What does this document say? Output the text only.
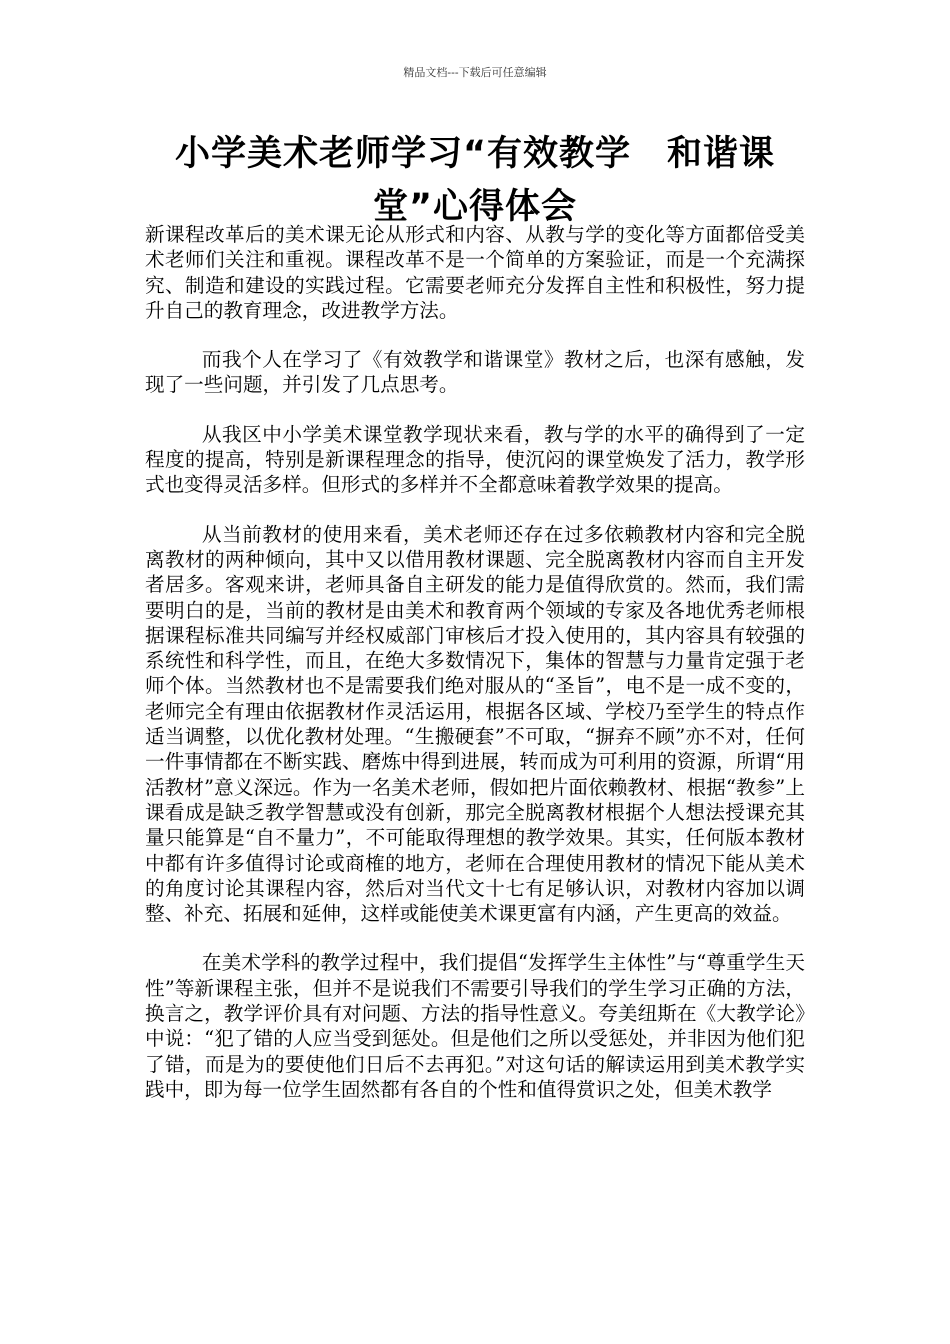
精品文档---下载后可任意编辑
小学美术老师学习“有效教学　和谐课堂”心得体会

新课程改革后的美术课无论从形式和内容、从教与学的变化等方面都倍受美术老师们关注和重视。课程改革不是一个简单的方案验证，而是一个充满探究、制造和建设的实践过程。它需要老师充分发挥自主性和积极性，努力提升自己的教育理念，改进教学方法。

而我个人在学习了《有效教学和谐课堂》教材之后，也深有感触，发现了一些问题，并引发了几点思考。

从我区中小学美术课堂教学现状来看，教与学的水平的确得到了一定程度的提高，特别是新课程理念的指导，使沉闷的课堂焕发了活力，教学形式也变得灵活多样。但形式的多样并不全都意味着教学效果的提高。

从当前教材的使用来看，美术老师还存在过多依赖教材内容和完全脱离教材的两种倾向，其中又以借用教材课题、完全脱离教材内容而自主开发者居多。客观来讲，老师具备自主研发的能力是值得欣赏的。然而，我们需要明白的是，当前的教材是由美术和教育两个领域的专家及各地优秀老师根据课程标准共同编写并经权威部门审核后才投入使用的，其内容具有较强的系统性和科学性，而且，在绝大多数情况下，集体的智慧与力量肯定强于老师个体。当然教材也不是需要我们绝对服从的“圣旨”，电不是一成不变的，老师完全有理由依据教材作灵活运用，根据各区域、学校乃至学生的特点作适当调整，以优化教材处理。“生搬硬套”不可取，“摒弃不顾”亦不对，任何一件事情都在不断实践、磨炼中得到进展，转而成为可利用的资源，所谓“用活教材”意义深远。作为一名美术老师，假如把片面依赖教材、根据“教参”上课看成是缺乏教学智慧或没有创新，那完全脱离教材根据个人想法授课充其量只能算是“自不量力”，不可能取得理想的教学效果。其实，任何版本教材中都有许多值得讨论或商榷的地方，老师在合理使用教材的情况下能从美术的角度讨论其课程内容，然后对当代文十七有足够认识，对教材内容加以调整、补充、拓展和延伸，这样或能使美术课更富有内涵，产生更高的效益。

在美术学科的教学过程中，我们提倡“发挥学生主体性”与“尊重学生天性”等新课程主张，但并不是说我们不需要引导我们的学生学习正确的方法，换言之，教学评价具有对问题、方法的指导性意义。夸美纽斯在《大教学论》中说：“犯了错的人应当受到惩处。但是他们之所以受惩处，并非因为他们犯了错，而是为的要使他们日后不去再犯。”对这句话的解读运用到美术教学实践中，即为每一位学生固然都有各自的个性和值得赏识之处，但美术教学
